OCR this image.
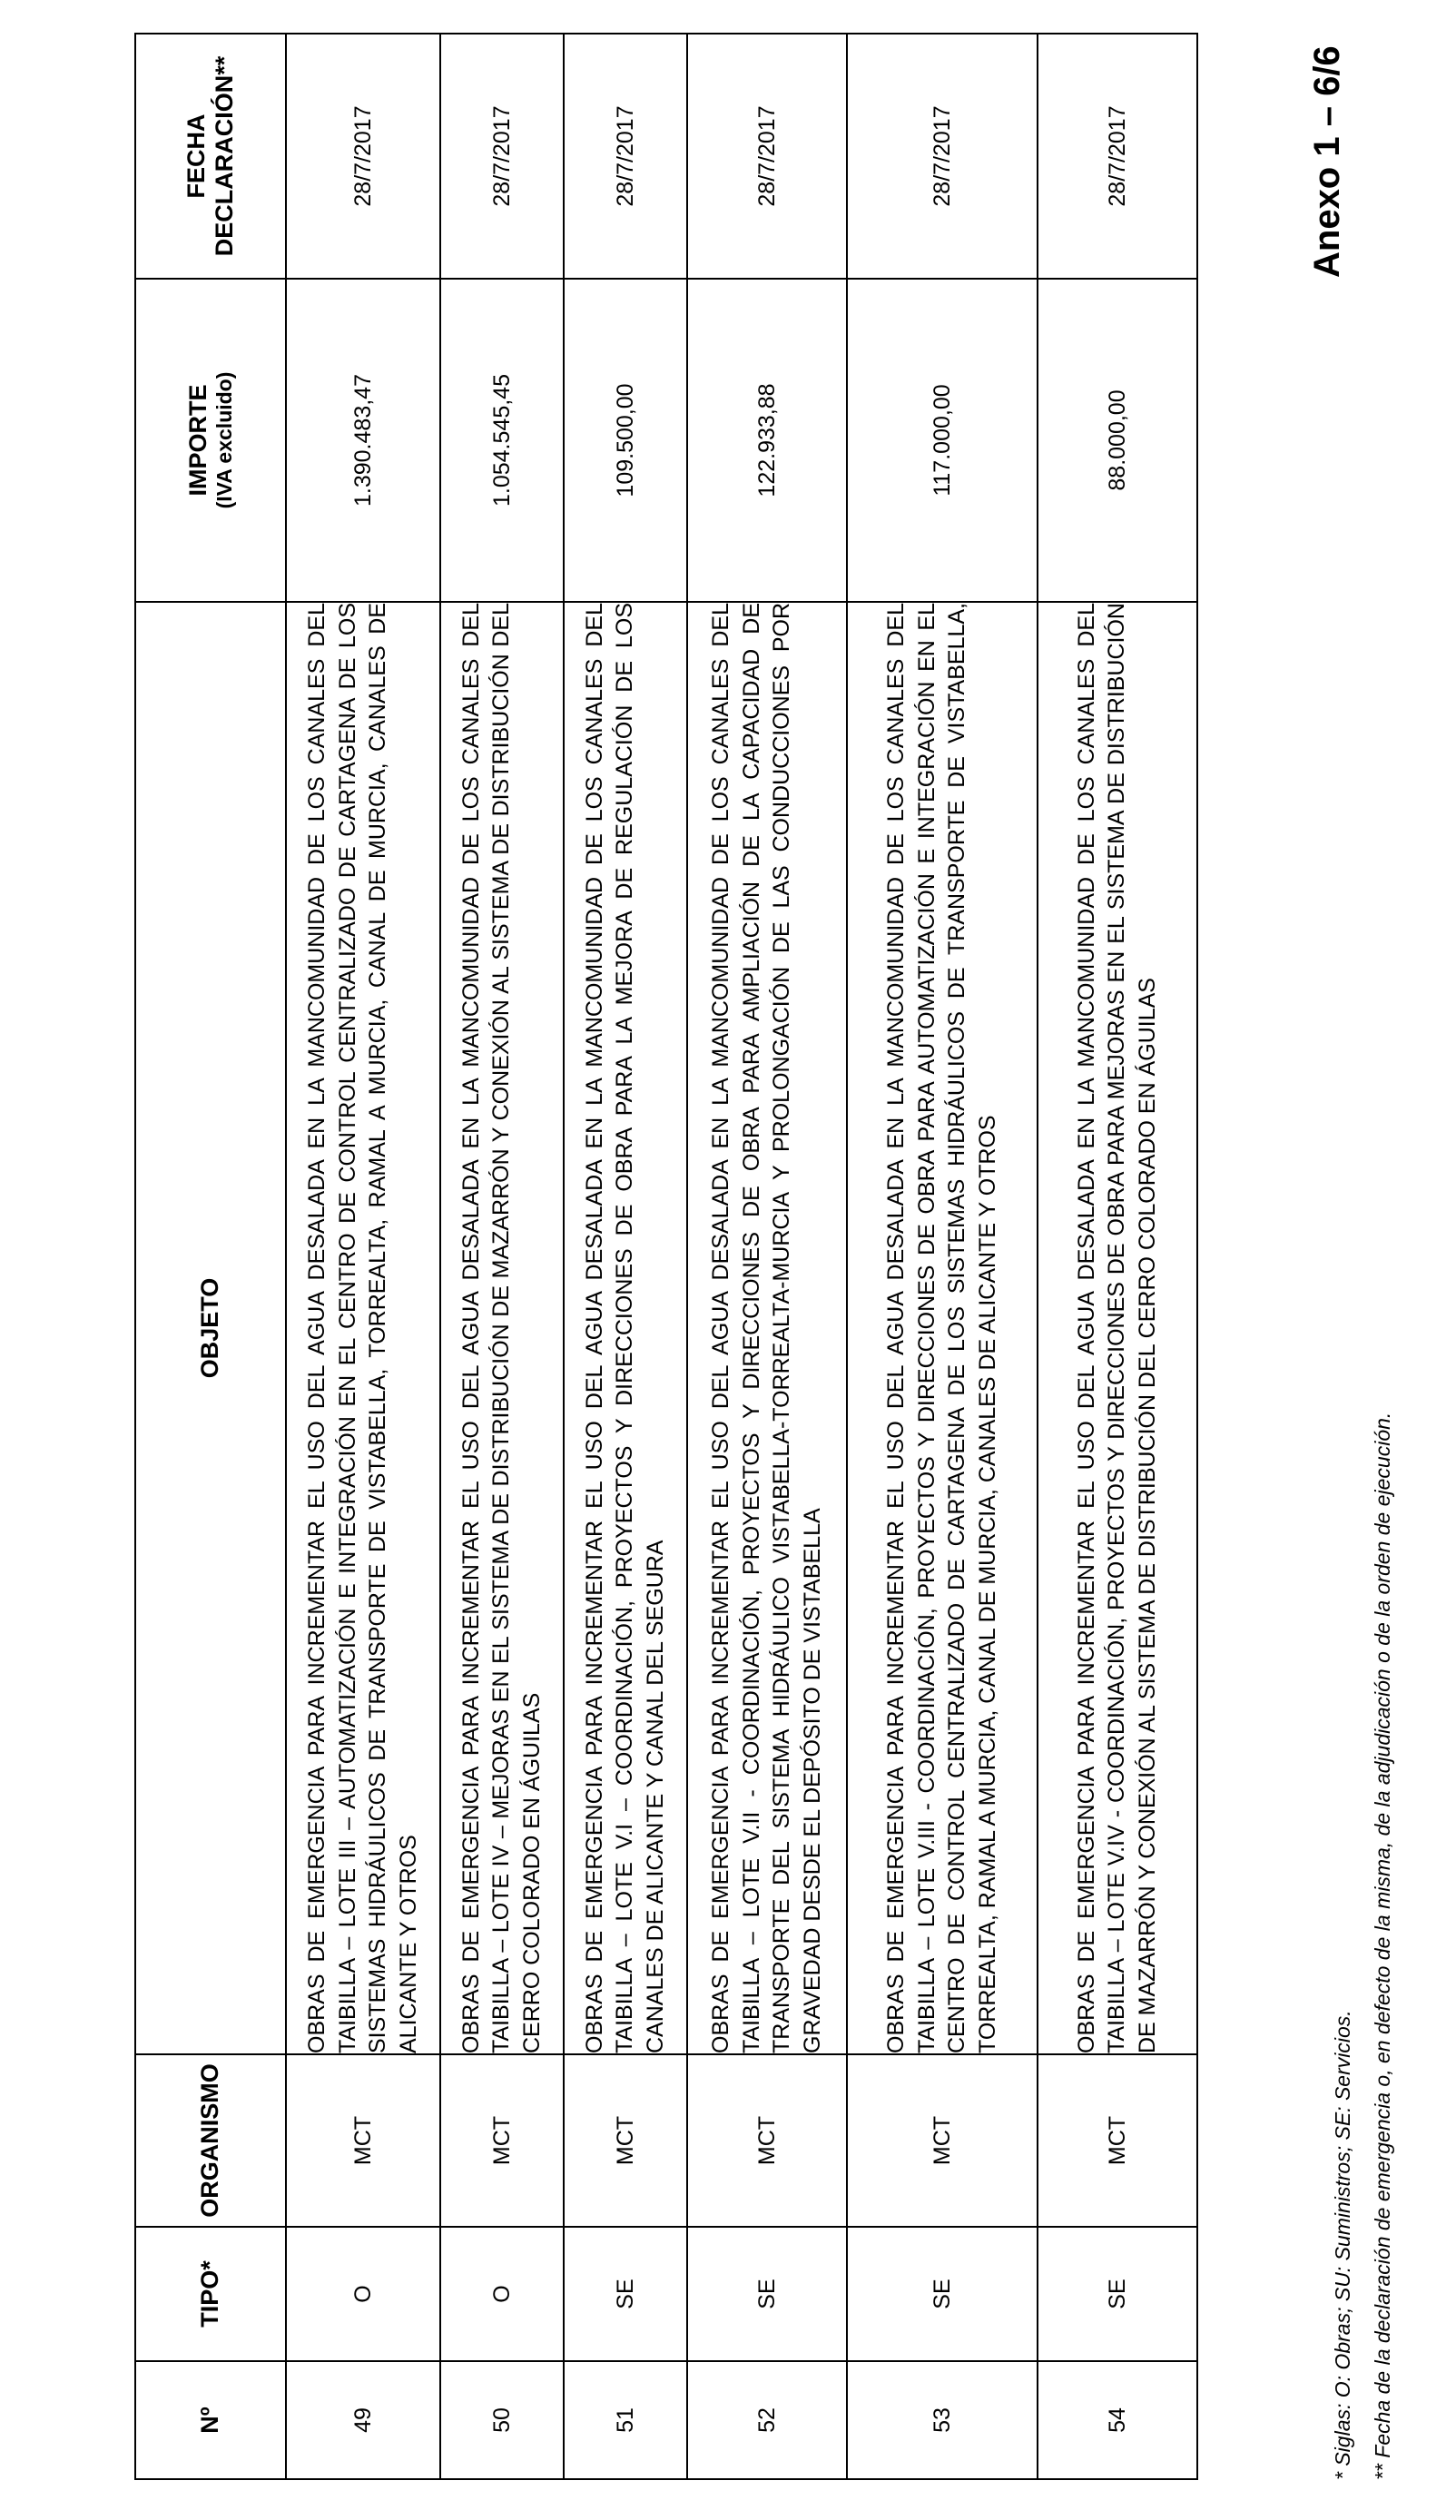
Anexo 1 – 6/6
Nº	TIPO*	ORGANISMO	OBJETO	IMPORTE (IVA excluido)	FECHA DECLARACIÓN**
49	O	MCT	OBRAS DE EMERGENCIA PARA INCREMENTAR EL USO DEL AGUA DESALADA EN LA MANCOMUNIDAD DE LOS CANALES DEL TAIBILLA – LOTE III – AUTOMATIZACIÓN E INTEGRACIÓN EN EL CENTRO DE CONTROL CENTRALIZADO DE CARTAGENA DE LOS SISTEMAS HIDRÁULICOS DE TRANSPORTE DE VISTABELLA, TORREALTA, RAMAL A MURCIA, CANAL DE MURCIA, CANALES DE ALICANTE Y OTROS	1.390.483,47	28/7/2017
50	O	MCT	OBRAS DE EMERGENCIA PARA INCREMENTAR EL USO DEL AGUA DESALADA EN LA MANCOMUNIDAD DE LOS CANALES DEL TAIBILLA – LOTE IV – MEJORAS EN EL SISTEMA DE DISTRIBUCIÓN DE MAZARRÓN Y CONEXIÓN AL SISTEMA DE DISTRIBUCIÓN DEL CERRO COLORADO EN ÁGUILAS	1.054.545,45	28/7/2017
51	SE	MCT	OBRAS DE EMERGENCIA PARA INCREMENTAR EL USO DEL AGUA DESALADA EN LA MANCOMUNIDAD DE LOS CANALES DEL TAIBILLA – LOTE V.I – COORDINACIÓN, PROYECTOS Y DIRECCIONES DE OBRA PARA LA MEJORA DE REGULACIÓN DE LOS CANALES DE ALICANTE Y CANAL DEL SEGURA	109.500,00	28/7/2017
52	SE	MCT	OBRAS DE EMERGENCIA PARA INCREMENTAR EL USO DEL AGUA DESALADA EN LA MANCOMUNIDAD DE LOS CANALES DEL TAIBILLA – LOTE V.II - COORDINACIÓN, PROYECTOS Y DIRECCIONES DE OBRA PARA AMPLIACIÓN DE LA CAPACIDAD DE TRANSPORTE DEL SISTEMA HIDRÁULICO VISTABELLA-TORREALTA-MURCIA Y PROLONGACIÓN DE LAS CONDUCCIONES POR GRAVEDAD DESDE EL DEPÓSITO DE VISTABELLA	122.933,88	28/7/2017
53	SE	MCT	OBRAS DE EMERGENCIA PARA INCREMENTAR EL USO DEL AGUA DESALADA EN LA MANCOMUNIDAD DE LOS CANALES DEL TAIBILLA – LOTE V.III - COORDINACIÓN, PROYECTOS Y DIRECCIONES DE OBRA PARA AUTOMATIZACIÓN E INTEGRACIÓN EN EL CENTRO DE CONTROL CENTRALIZADO DE CARTAGENA DE LOS SISTEMAS HIDRÁULICOS DE TRANSPORTE DE VISTABELLA, TORREALTA, RAMAL A MURCIA, CANAL DE MURCIA, CANALES DE ALICANTE Y OTROS	117.000,00	28/7/2017
54	SE	MCT	OBRAS DE EMERGENCIA PARA INCREMENTAR EL USO DEL AGUA DESALADA EN LA MANCOMUNIDAD DE LOS CANALES DEL TAIBILLA – LOTE V.IV - COORDINACIÓN, PROYECTOS Y DIRECCIONES DE OBRA PARA MEJORAS EN EL SISTEMA DE DISTRIBUCIÓN DE MAZARRÓN Y CONEXIÓN AL SISTEMA DE DISTRIBUCIÓN DEL CERRO COLORADO EN ÁGUILAS	88.000,00	28/7/2017
* Siglas: O: Obras; SU: Suministros; SE: Servicios. ** Fecha de la declaración de emergencia o, en defecto de la misma, de la adjudicación o de la orden de ejecución.
